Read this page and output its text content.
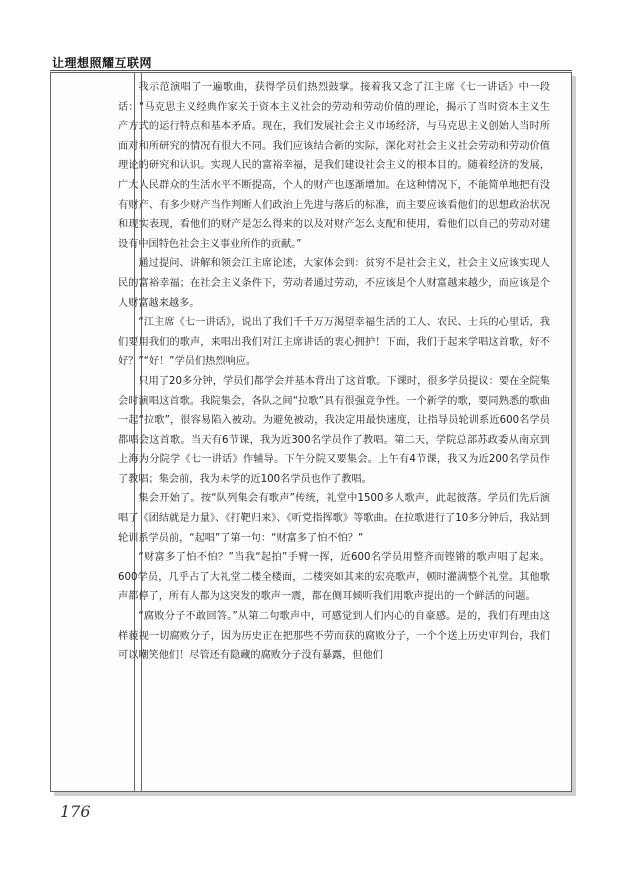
让理想照耀互联网

我示范演唱了一遍歌曲，获得学员们热烈鼓掌。接着我又念了江主席《七一讲话》中一段话：“马克思主义经典作家关于资本主义社会的劳动和劳动价值的理论，揭示了当时资本主义生产方式的运行特点和基本矛盾。现在，我们发展社会主义市场经济，与马克思主义创始人当时所面对和所研究的情况有很大不同。我们应该结合新的实际，深化对社会主义社会劳动和劳动价值理论的研究和认识。实现人民的富裕幸福，是我们建设社会主义的根本目的。随着经济的发展，广大人民群众的生活水平不断提高，个人的财产也逐渐增加。在这种情况下，不能简单地把有没有财产、有多少财产当作判断人们政治上先进与落后的标准，而主要应该看他们的思想政治状况和现实表现，看他们的财产是怎么得来的以及对财产怎么支配和使用，看他们以自己的劳动对建设有中国特色社会主义事业所作的贡献。”

通过提问、讲解和领会江主席论述，大家体会到：贫穷不是社会主义，社会主义应该实现人民的富裕幸福；在社会主义条件下，劳动者通过劳动，不应该是个人财富越来越少，而应该是个人财富越来越多。

“江主席《七一讲话》，说出了我们千千万万渴望幸福生活的工人、农民、士兵的心里话，我们要用我们的歌声，来唱出我们对江主席讲话的衷心拥护！下面，我们于起来学唱这首歌，好不好？”“好！”学员们热烈响应。

只用了20多分钟，学员们都学会并基本背出了这首歌。下课时，很多学员提议：要在全院集会时演唱这首歌。我院集会，各队之间“拉歌”具有很强竞争性。一个新学的歌，要同熟悉的歌曲一起“拉歌”，很容易陷入被动。为避免被动，我决定用最快速度，让指导员轮训系近600名学员都唱会这首歌。当天有6节课，我为近300名学员作了教唱。第二天，学院总部苏政委从南京到上海为分院学《七一讲话》作辅导。下午分院又要集会。上午有4节课，我又为近200名学员作了教唱；集会前，我为未学的近100名学员也作了教唱。

集会开始了。按“队列集会有歌声”传统，礼堂中1500多人歌声，此起彼落。学员们先后演唱了《团结就是力量》、《打靶归来》、《听党指挥歌》等歌曲。在拉歌进行了10多分钟后，我站到轮训系学员前，“起唱”了第一句：“财富多了怕不怕？”

“财富多了怕不怕？”当我“起拍”手臂一挥，近600名学员用整齐而铿锵的歌声唱了起来。600学员，几乎占了大礼堂二楼全楼面，二楼突如其来的宏亮歌声，顿时灌满整个礼堂。其他歌声都停了，所有人都为这突发的歌声一震，都在侧耳倾听我们用歌声提出的一个鲜活的问题。

“腐败分子不敢回答。”从第二句歌声中，可感觉到人们内心的自豪感。是的，我们有理由这样藐视一切腐败分子，因为历史正在把那些不劳而获的腐败分子，一个个送上历史审判台，我们可以嘲笑他们！尽管还有隐藏的腐败分子没有暴露，但他们

176
